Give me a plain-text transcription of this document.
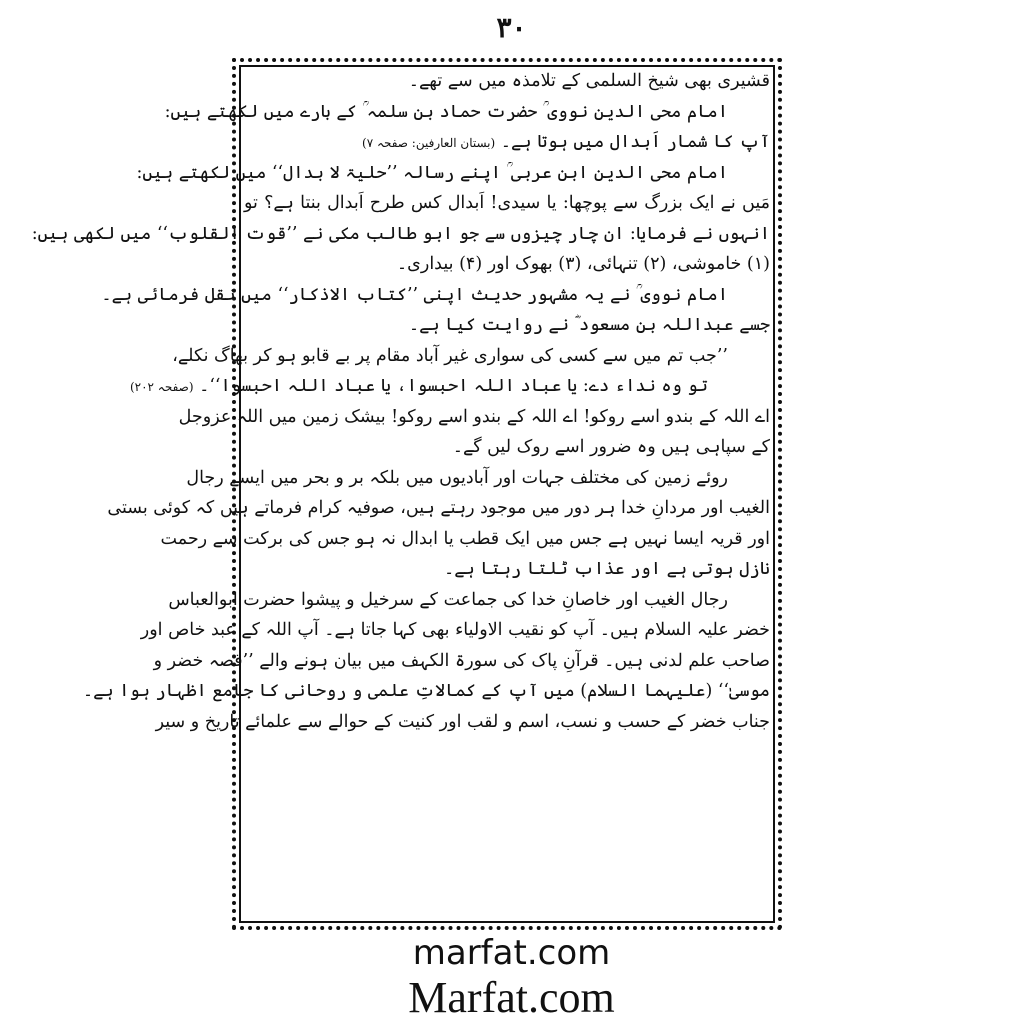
۳۰
قشیری بھی شیخ السلمی کے تلامذہ میں سے تھے۔
امام محی الدین نووی ؒ حضرت حماد بن سلمہ ؒ کے بارے میں لکھتے ہیں:
آپ کا شمار اَبدال میں ہوتا ہے۔ (بستان العارفین: صفحہ ۷)
امام محی الدین ابن عربی ؒ اپنے رسالہ ’’حلیۃ لا بدال‘‘ میں لکھتے ہیں:
مَیں نے ایک بزرگ سے پوچھا: یا سیدی! اَبدال کس طرح اَبدال بنتا ہے؟ تو
انہوں نے فرمایا: ان چار چیزوں سے جو ابو طالب مکی نے ’’قوت القلوب‘‘ میں لکھی ہیں:
(۱) خاموشی، (۲) تنہائی، (۳) بھوک اور (۴) بیداری۔
امام نووی ؒ نے یہ مشہور حدیث اپنی ’’کتاب الاذکار‘‘ میں نقل فرمائی ہے۔
جسے عبداللہ بن مسعود ؓ نے روایت کیا ہے۔
’’جب تم میں سے کسی کی سواری غیر آباد مقام پر بے قابو ہو کر بھاگ نکلے،
تو وہ نداء دے: یا عباد اللہ احبسوا، یا عباد اللہ احبسوا‘‘۔ (صفحہ ۲۰۲)
اے اللہ کے بندو اسے روکو! اے اللہ کے بندو اسے روکو! بیشک زمین میں اللہ عزوجل
کے سپاہی ہیں وہ ضرور اسے روک لیں گے۔
روئے زمین کی مختلف جہات اور آبادیوں میں بلکہ بر و بحر میں ایسے رجال
الغیب اور مردانِ خدا ہر دور میں موجود رہتے ہیں، صوفیہ کرام فرماتے ہیں کہ کوئی بستی
اور قریہ ایسا نہیں ہے جس میں ایک قطب یا ابدال نہ ہو جس کی برکت سے رحمت
نازل ہوتی ہے اور عذاب ٹلتا رہتا ہے۔
رجال الغیب اور خاصانِ خدا کی جماعت کے سرخیل و پیشوا حضرت ابوالعباس
خضر علیہ السلام ہیں۔ آپ کو نقیب الاولیاء بھی کہا جاتا ہے۔ آپ اللہ کے عبد خاص اور
صاحب علم لدنی ہیں۔ قرآنِ پاک کی سورۃ الکہف میں بیان ہونے والے ’’قصہ خضر و
موسیٰ‘‘ (علیہما السلام) میں آپ کے کمالاتِ علمی و روحانی کا جامع اظہار ہوا ہے۔
جناب خضر کے حسب و نسب، اسم و لقب اور کنیت کے حوالے سے علمائے تاریخ و سیر
marfat.com
Marfat.com
